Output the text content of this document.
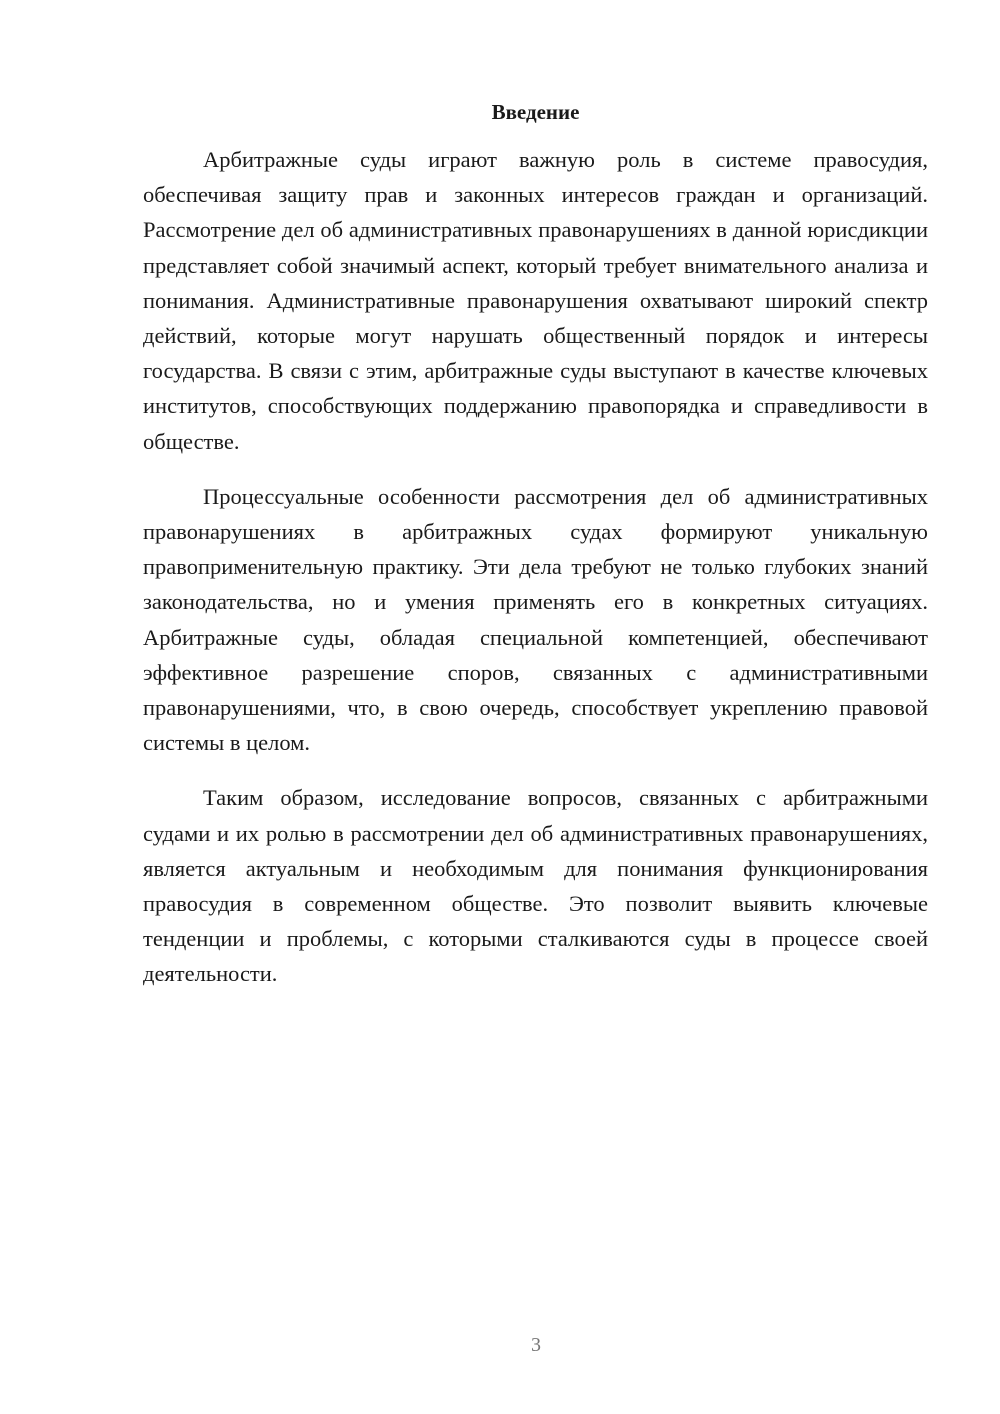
Введение

Арбитражные суды играют важную роль в системе правосудия, обеспечивая защиту прав и законных интересов граждан и организаций. Рассмотрение дел об административных правонарушениях в данной юрисдикции представляет собой значимый аспект, который требует внимательного анализа и понимания. Административные правонарушения охватывают широкий спектр действий, которые могут нарушать общественный порядок и интересы государства. В связи с этим, арбитражные суды выступают в качестве ключевых институтов, способствующих поддержанию правопорядка и справедливости в обществе.

Процессуальные особенности рассмотрения дел об административных правонарушениях в арбитражных судах формируют уникальную правоприменительную практику. Эти дела требуют не только глубоких знаний законодательства, но и умения применять его в конкретных ситуациях. Арбитражные суды, обладая специальной компетенцией, обеспечивают эффективное разрешение споров, связанных с административными правонарушениями, что, в свою очередь, способствует укреплению правовой системы в целом.

Таким образом, исследование вопросов, связанных с арбитражными судами и их ролью в рассмотрении дел об административных правонарушениях, является актуальным и необходимым для понимания функционирования правосудия в современном обществе. Это позволит выявить ключевые тенденции и проблемы, с которыми сталкиваются суды в процессе своей деятельности.

3
